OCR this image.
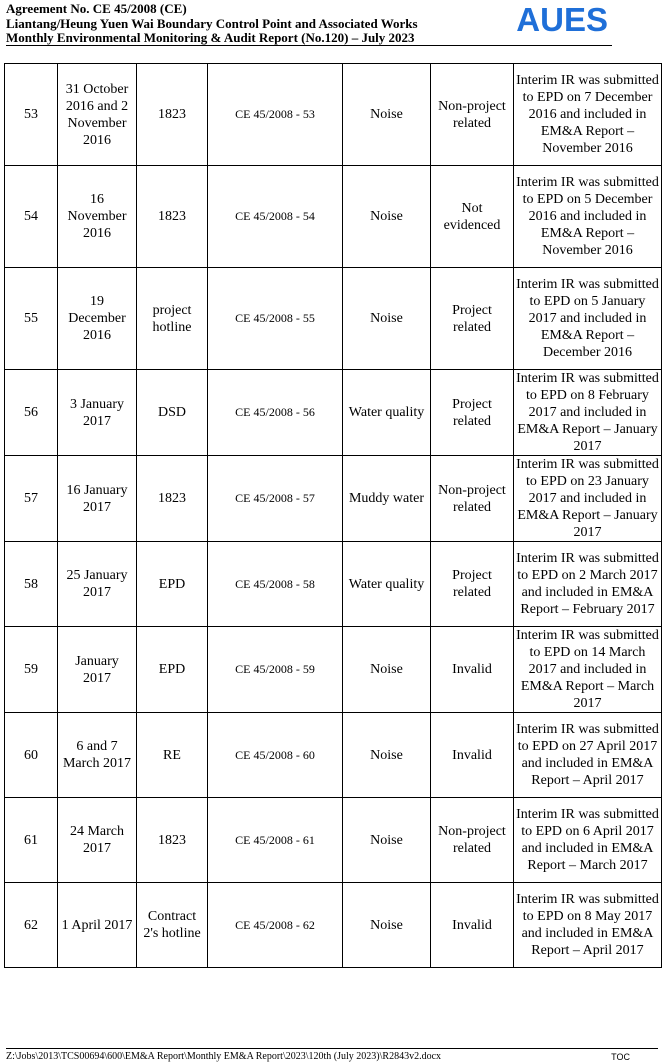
Agreement No. CE 45/2008 (CE)
Liantang/Heung Yuen Wai Boundary Control Point and Associated Works
Monthly Environmental Monitoring & Audit Report (No.120) – July 2023	AUES
53	31 October 2016 and 2 November 2016	1823	CE 45/2008 - 53	Noise	Non-project related	Interim IR was submitted to EPD on 7 December 2016 and included in EM&A Report – November 2016
54	16 November 2016	1823	CE 45/2008 - 54	Noise	Not evidenced	Interim IR was submitted to EPD on 5 December 2016 and included in EM&A Report – November 2016
55	19 December 2016	project hotline	CE 45/2008 - 55	Noise	Project related	Interim IR was submitted to EPD on 5 January 2017 and included in EM&A Report – December 2016
56	3 January 2017	DSD	CE 45/2008 - 56	Water quality	Project related	Interim IR was submitted to EPD on 8 February 2017 and included in EM&A Report – January 2017
57	16 January 2017	1823	CE 45/2008 - 57	Muddy water	Non-project related	Interim IR was submitted to EPD on 23 January 2017 and included in EM&A Report – January 2017
58	25 January 2017	EPD	CE 45/2008 - 58	Water quality	Project related	Interim IR was submitted to EPD on 2 March 2017 and included in EM&A Report – February 2017
59	January 2017	EPD	CE 45/2008 - 59	Noise	Invalid	Interim IR was submitted to EPD on 14 March 2017 and included in EM&A Report – March 2017
60	6 and 7 March 2017	RE	CE 45/2008 - 60	Noise	Invalid	Interim IR was submitted to EPD on 27 April 2017 and included in EM&A Report – April 2017
61	24 March 2017	1823	CE 45/2008 - 61	Noise	Non-project related	Interim IR was submitted to EPD on 6 April 2017 and included in EM&A Report – March 2017
62	1 April 2017	Contract 2's hotline	CE 45/2008 - 62	Noise	Invalid	Interim IR was submitted to EPD on 8 May 2017 and included in EM&A Report – April 2017
Z:\Jobs\2013\TCS00694\600\EM&A Report\Monthly EM&A Report\2023\120th (July 2023)\R2843v2.docx	TOC
